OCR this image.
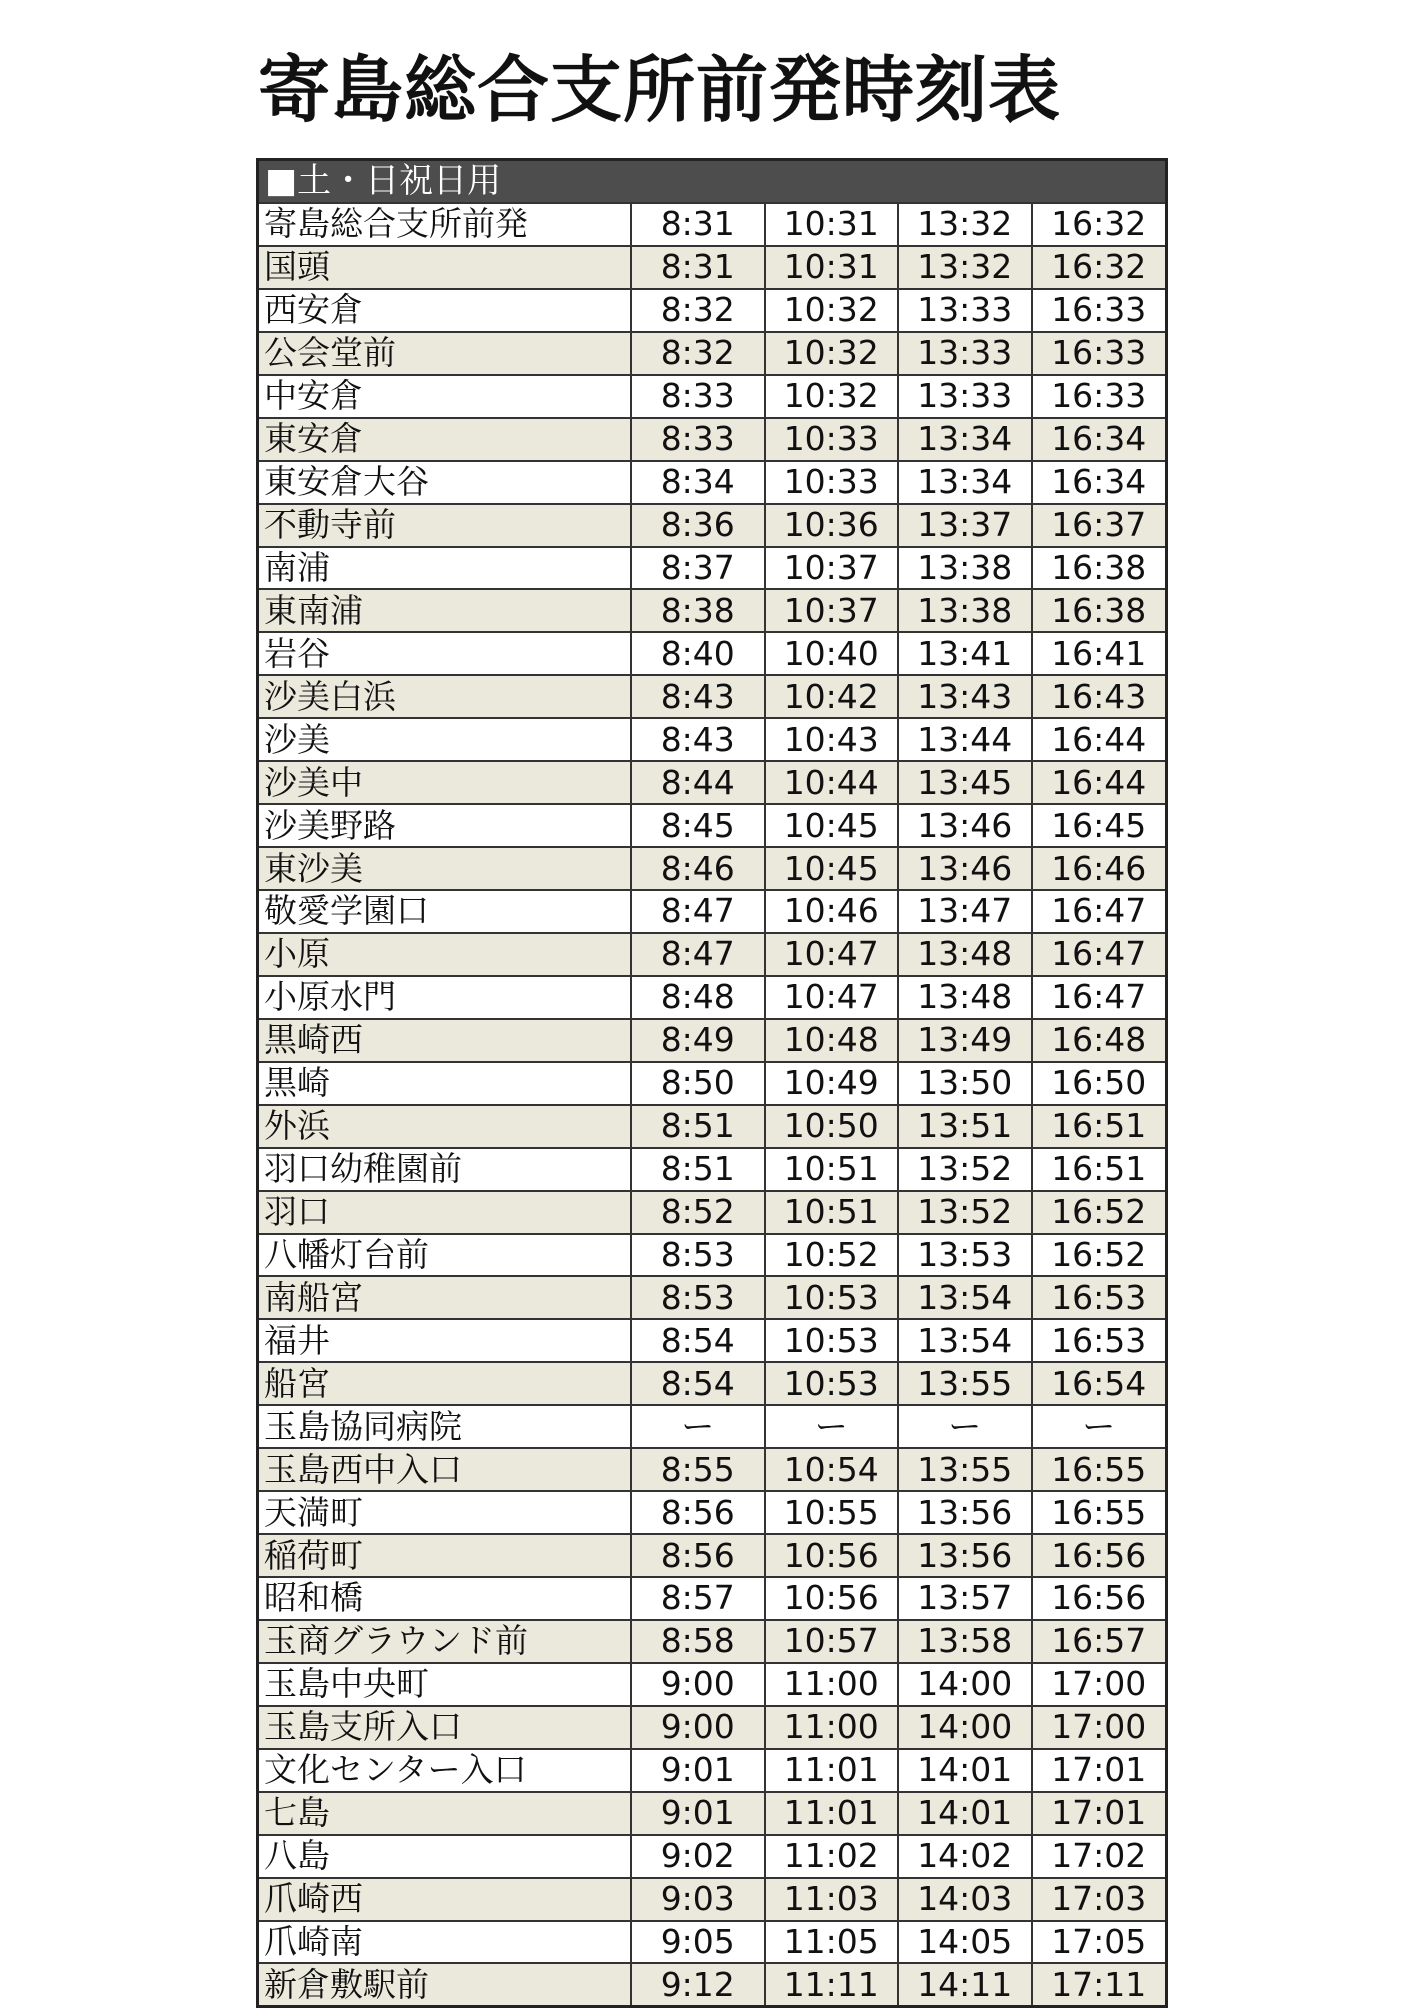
寄島総合支所前発時刻表
■土・日祝日用				
寄島総合支所前発	8:31	10:31	13:32	16:32
国頭	8:31	10:31	13:32	16:32
西安倉	8:32	10:32	13:33	16:33
公会堂前	8:32	10:32	13:33	16:33
中安倉	8:33	10:32	13:33	16:33
東安倉	8:33	10:33	13:34	16:34
東安倉大谷	8:34	10:33	13:34	16:34
不動寺前	8:36	10:36	13:37	16:37
南浦	8:37	10:37	13:38	16:38
東南浦	8:38	10:37	13:38	16:38
岩谷	8:40	10:40	13:41	16:41
沙美白浜	8:43	10:42	13:43	16:43
沙美	8:43	10:43	13:44	16:44
沙美中	8:44	10:44	13:45	16:44
沙美野路	8:45	10:45	13:46	16:45
東沙美	8:46	10:45	13:46	16:46
敬愛学園口	8:47	10:46	13:47	16:47
小原	8:47	10:47	13:48	16:47
小原水門	8:48	10:47	13:48	16:47
黒崎西	8:49	10:48	13:49	16:48
黒崎	8:50	10:49	13:50	16:50
外浜	8:51	10:50	13:51	16:51
羽口幼稚園前	8:51	10:51	13:52	16:51
羽口	8:52	10:51	13:52	16:52
八幡灯台前	8:53	10:52	13:53	16:52
南船宮	8:53	10:53	13:54	16:53
福井	8:54	10:53	13:54	16:53
船宮	8:54	10:53	13:55	16:54
玉島協同病院	ー	ー	ー	ー
玉島西中入口	8:55	10:54	13:55	16:55
天満町	8:56	10:55	13:56	16:55
稲荷町	8:56	10:56	13:56	16:56
昭和橋	8:57	10:56	13:57	16:56
玉商グラウンド前	8:58	10:57	13:58	16:57
玉島中央町	9:00	11:00	14:00	17:00
玉島支所入口	9:00	11:00	14:00	17:00
文化センター入口	9:01	11:01	14:01	17:01
七島	9:01	11:01	14:01	17:01
八島	9:02	11:02	14:02	17:02
爪崎西	9:03	11:03	14:03	17:03
爪崎南	9:05	11:05	14:05	17:05
新倉敷駅前	9:12	11:11	14:11	17:11
